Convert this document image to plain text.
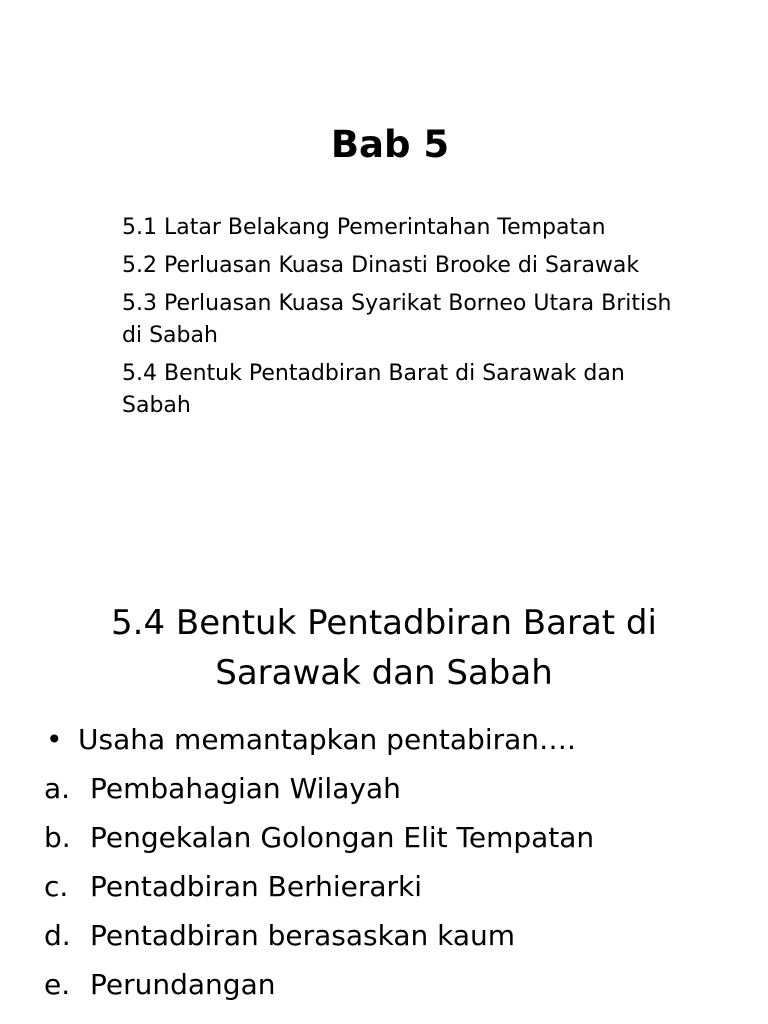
Bab 5
5.1 Latar Belakang Pemerintahan Tempatan
5.2 Perluasan Kuasa Dinasti Brooke di Sarawak
5.3 Perluasan Kuasa Syarikat Borneo Utara British di Sabah
5.4 Bentuk Pentadbiran Barat di Sarawak dan Sabah
5.4 Bentuk Pentadbiran Barat di
Sarawak dan Sabah
• Usaha memantapkan pentabiran….
a. Pembahagian Wilayah
b. Pengekalan Golongan Elit Tempatan
c. Pentadbiran Berhierarki
d. Pentadbiran berasaskan kaum
e. Perundangan
